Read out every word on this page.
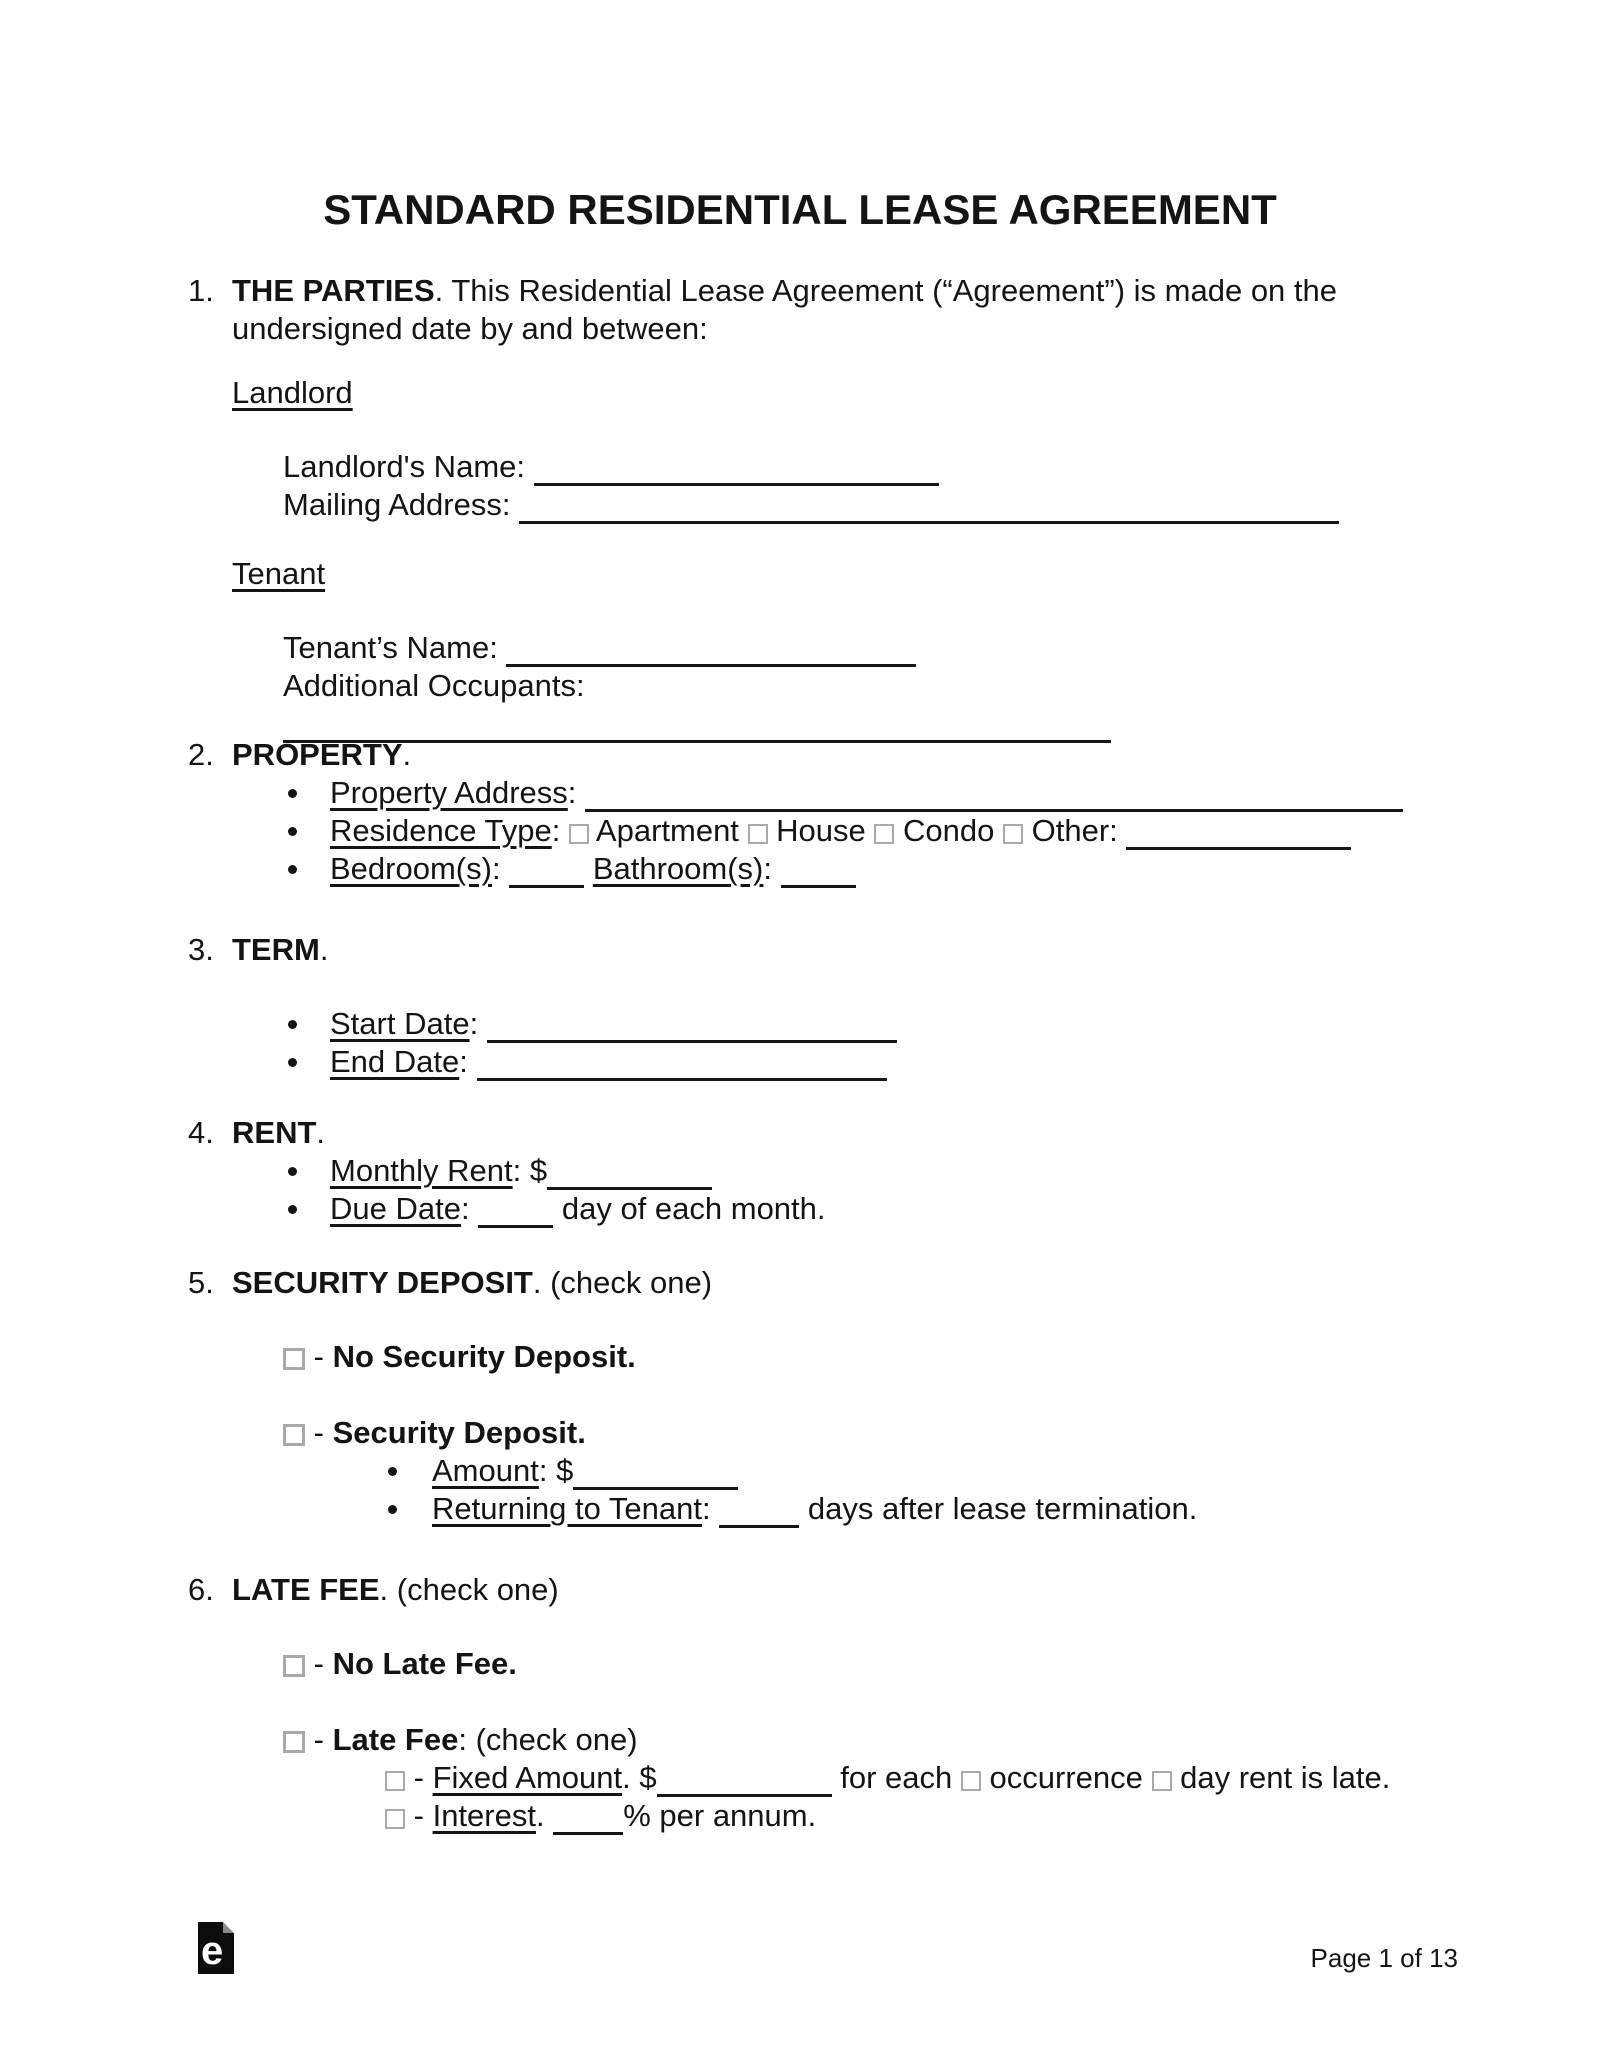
STANDARD RESIDENTIAL LEASE AGREEMENT
1. THE PARTIES. This Residential Lease Agreement (“Agreement”) is made on the undersigned date by and between:

Landlord
Landlord's Name:
Mailing Address:
Tenant
Tenant’s Name:
Additional Occupants:
2. PROPERTY.

Property Address:
Residence Type: Apartment House Condo Other:
Bedroom(s):	Bathroom(s):
3. TERM.

Start Date:
End Date:
4. RENT.

Monthly Rent: $
Due Date:	day of each month.
5. SECURITY DEPOSIT. (check one)

- No Security Deposit.
- Security Deposit.
Amount: $
Returning to Tenant:	days after lease termination.
6. LATE FEE. (check one)

- No Late Fee.
- Late Fee: (check one)
- Fixed Amount. $	for each occurrence day rent is late.
- Interest.	% per annum.
e	Page 1 of 13
